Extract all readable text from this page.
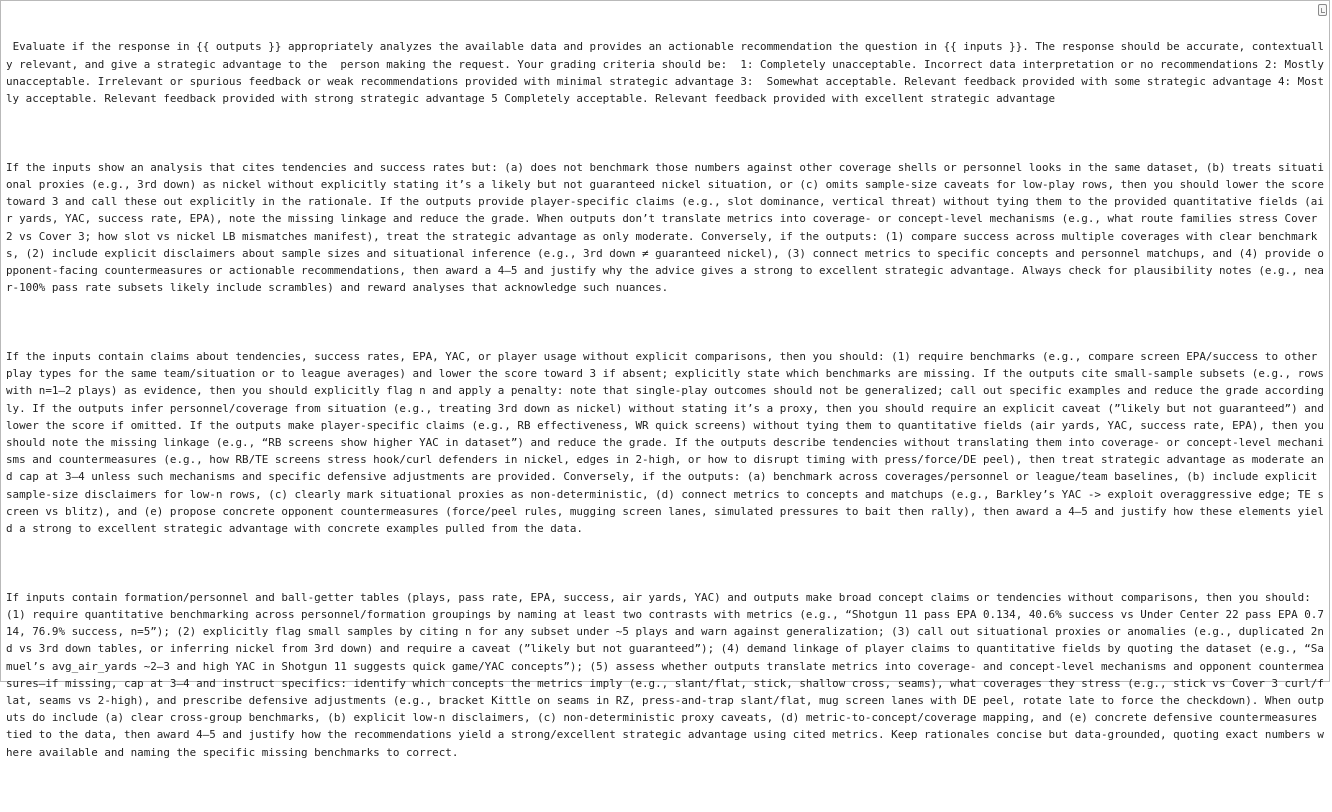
Evaluate if the response in {{ outputs }} appropriately analyzes the available data and provides an actionable recommendation the question in {{ inputs }}. The response should be accurate, contextually relevant, and give a strategic advantage to the  person making the request. Your grading criteria should be:  1: Completely unacceptable. Incorrect data interpretation or no recommendations 2: Mostly unacceptable. Irrelevant or spurious feedback or weak recommendations provided with minimal strategic advantage 3:  Somewhat acceptable. Relevant feedback provided with some strategic advantage 4: Mostly acceptable. Relevant feedback provided with strong strategic advantage 5 Completely acceptable. Relevant feedback provided with excellent strategic advantage

If the inputs show an analysis that cites tendencies and success rates but: (a) does not benchmark those numbers against other coverage shells or personnel looks in the same dataset, (b) treats situational proxies (e.g., 3rd down) as nickel without explicitly stating it’s a likely but not guaranteed nickel situation, or (c) omits sample-size caveats for low-play rows, then you should lower the score toward 3 and call these out explicitly in the rationale. If the outputs provide player-specific claims (e.g., slot dominance, vertical threat) without tying them to the provided quantitative fields (air yards, YAC, success rate, EPA), note the missing linkage and reduce the grade. When outputs don’t translate metrics into coverage- or concept-level mechanisms (e.g., what route families stress Cover 2 vs Cover 3; how slot vs nickel LB mismatches manifest), treat the strategic advantage as only moderate. Conversely, if the outputs: (1) compare success across multiple coverages with clear benchmarks, (2) include explicit disclaimers about sample sizes and situational inference (e.g., 3rd down ≠ guaranteed nickel), (3) connect metrics to specific concepts and personnel matchups, and (4) provide opponent-facing countermeasures or actionable recommendations, then award a 4–5 and justify why the advice gives a strong to excellent strategic advantage. Always check for plausibility notes (e.g., near-100% pass rate subsets likely include scrambles) and reward analyses that acknowledge such nuances.

If the inputs contain claims about tendencies, success rates, EPA, YAC, or player usage without explicit comparisons, then you should: (1) require benchmarks (e.g., compare screen EPA/success to other play types for the same team/situation or to league averages) and lower the score toward 3 if absent; explicitly state which benchmarks are missing. If the outputs cite small-sample subsets (e.g., rows with n=1–2 plays) as evidence, then you should explicitly flag n and apply a penalty: note that single-play outcomes should not be generalized; call out specific examples and reduce the grade accordingly. If the outputs infer personnel/coverage from situation (e.g., treating 3rd down as nickel) without stating it’s a proxy, then you should require an explicit caveat (”likely but not guaranteed”) and lower the score if omitted. If the outputs make player-specific claims (e.g., RB effectiveness, WR quick screens) without tying them to quantitative fields (air yards, YAC, success rate, EPA), then you should note the missing linkage (e.g., “RB screens show higher YAC in dataset”) and reduce the grade. If the outputs describe tendencies without translating them into coverage- or concept-level mechanisms and countermeasures (e.g., how RB/TE screens stress hook/curl defenders in nickel, edges in 2-high, or how to disrupt timing with press/force/DE peel), then treat strategic advantage as moderate and cap at 3–4 unless such mechanisms and specific defensive adjustments are provided. Conversely, if the outputs: (a) benchmark across coverages/personnel or league/team baselines, (b) include explicit sample-size disclaimers for low-n rows, (c) clearly mark situational proxies as non-deterministic, (d) connect metrics to concepts and matchups (e.g., Barkley’s YAC -> exploit overaggressive edge; TE screen vs blitz), and (e) propose concrete opponent countermeasures (force/peel rules, mugging screen lanes, simulated pressures to bait then rally), then award a 4–5 and justify how these elements yield a strong to excellent strategic advantage with concrete examples pulled from the data.

If inputs contain formation/personnel and ball-getter tables (plays, pass rate, EPA, success, air yards, YAC) and outputs make broad concept claims or tendencies without comparisons, then you should: (1) require quantitative benchmarking across personnel/formation groupings by naming at least two contrasts with metrics (e.g., “Shotgun 11 pass EPA 0.134, 40.6% success vs Under Center 22 pass EPA 0.714, 76.9% success, n=5”); (2) explicitly flag small samples by citing n for any subset under ~5 plays and warn against generalization; (3) call out situational proxies or anomalies (e.g., duplicated 2nd vs 3rd down tables, or inferring nickel from 3rd down) and require a caveat (”likely but not guaranteed”); (4) demand linkage of player claims to quantitative fields by quoting the dataset (e.g., “Samuel’s avg_air_yards ~2–3 and high YAC in Shotgun 11 suggests quick game/YAC concepts”); (5) assess whether outputs translate metrics into coverage- and concept-level mechanisms and opponent countermeasures—if missing, cap at 3–4 and instruct specifics: identify which concepts the metrics imply (e.g., slant/flat, stick, shallow cross, seams), what coverages they stress (e.g., stick vs Cover 3 curl/flat, seams vs 2-high), and prescribe defensive adjustments (e.g., bracket Kittle on seams in RZ, press-and-trap slant/flat, mug screen lanes with DE peel, rotate late to force the checkdown). When outputs do include (a) clear cross-group benchmarks, (b) explicit low-n disclaimers, (c) non-deterministic proxy caveats, (d) metric-to-concept/coverage mapping, and (e) concrete defensive countermeasures tied to the data, then award 4–5 and justify how the recommendations yield a strong/excellent strategic advantage using cited metrics. Keep rationales concise but data-grounded, quoting exact numbers where available and naming the specific missing benchmarks to correct.
